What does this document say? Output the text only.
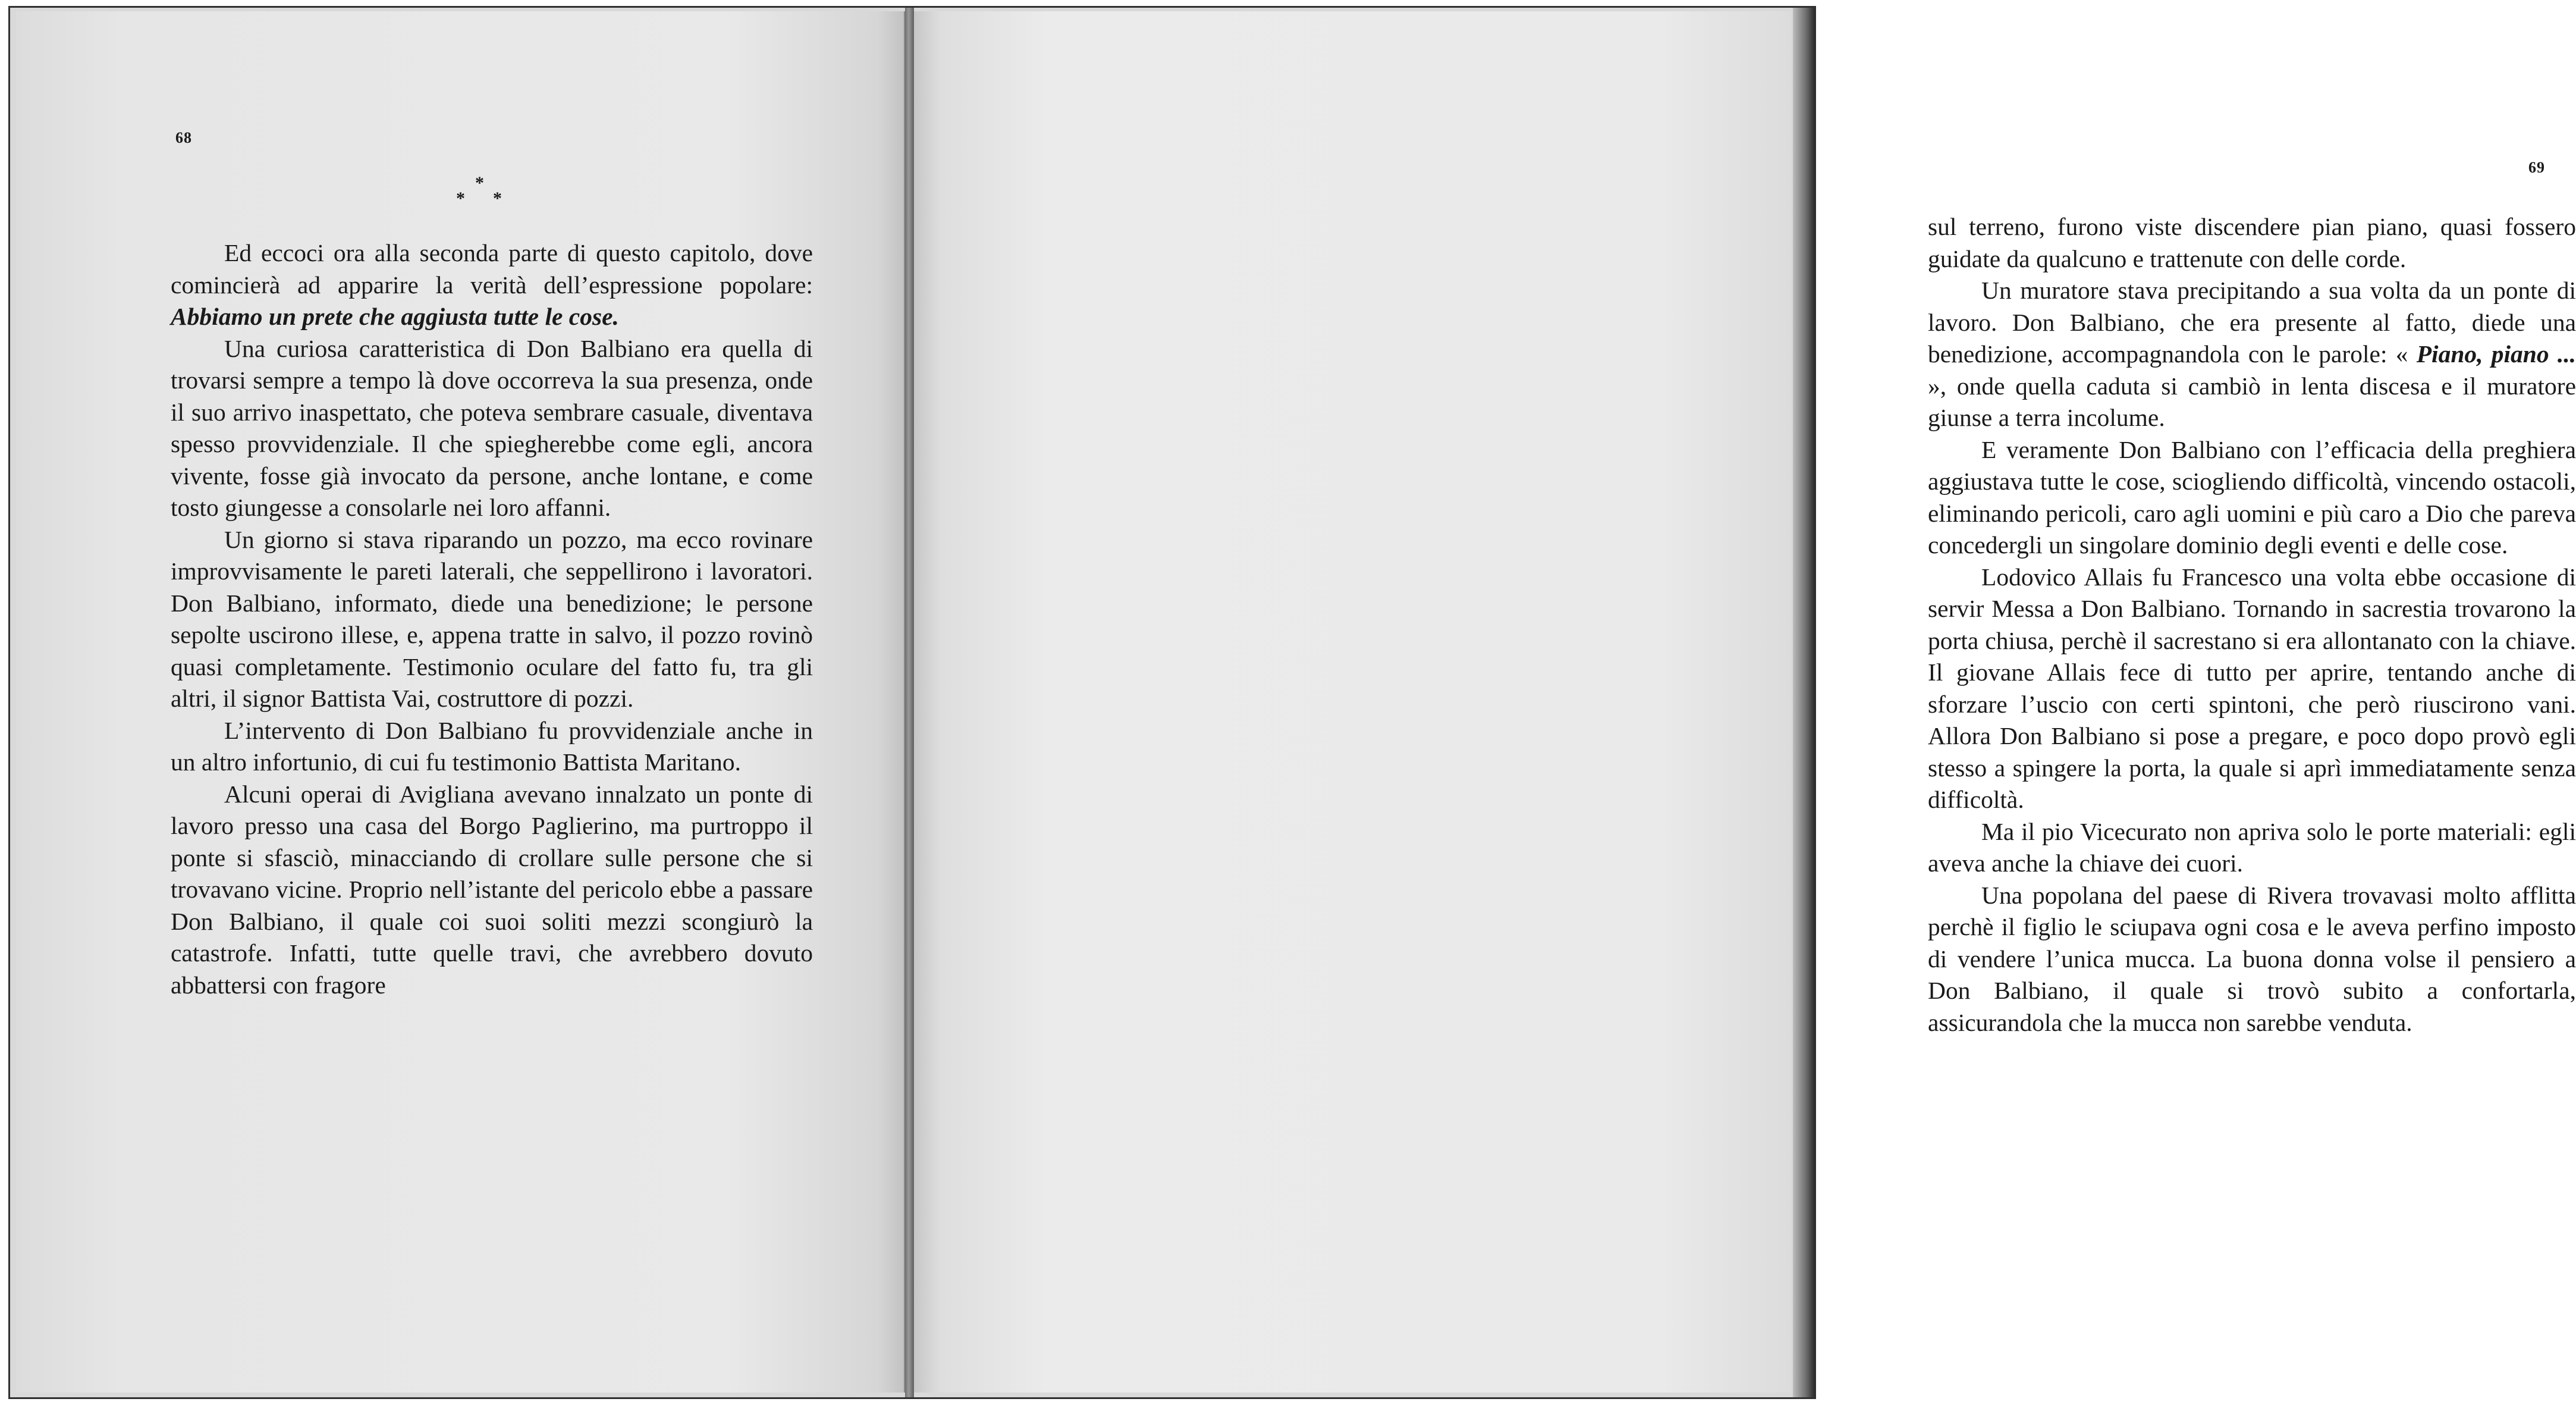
68
*
* *

Ed eccoci ora alla seconda parte di questo capitolo, dove comincierà ad apparire la verità dell’espressione popolare: Abbiamo un prete che aggiusta tutte le cose.

Una curiosa caratteristica di Don Balbiano era quella di trovarsi sempre a tempo là dove occorreva la sua presenza, onde il suo arrivo inaspettato, che poteva sembrare casuale, diventava spesso provvidenziale. Il che spiegherebbe come egli, ancora vivente, fosse già invocato da persone, anche lontane, e come tosto giungesse a consolarle nei loro affanni.

Un giorno si stava riparando un pozzo, ma ecco rovinare improvvisamente le pareti laterali, che seppellirono i lavoratori. Don Balbiano, informato, diede una benedizione; le persone sepolte uscirono illese, e, appena tratte in salvo, il pozzo rovinò quasi completamente. Testimonio oculare del fatto fu, tra gli altri, il signor Battista Vai, costruttore di pozzi.

L’intervento di Don Balbiano fu provvidenziale anche in un altro infortunio, di cui fu testimonio Battista Maritano.

Alcuni operai di Avigliana avevano innalzato un ponte di lavoro presso una casa del Borgo Paglierino, ma purtroppo il ponte si sfasciò, minacciando di crollare sulle persone che si trovavano vicine. Proprio nell’istante del pericolo ebbe a passare Don Balbiano, il quale coi suoi soliti mezzi scongiurò la catastrofe. Infatti, tutte quelle travi, che avrebbero dovuto abbattersi con fragore

69

sul terreno, furono viste discendere pian piano, quasi fossero guidate da qualcuno e trattenute con delle corde.

Un muratore stava precipitando a sua volta da un ponte di lavoro. Don Balbiano, che era presente al fatto, diede una benedizione, accompagnandola con le parole: « Piano, piano ... », onde quella caduta si cambiò in lenta discesa e il muratore giunse a terra incolume.

E veramente Don Balbiano con l’efficacia della preghiera aggiustava tutte le cose, sciogliendo difficoltà, vincendo ostacoli, eliminando pericoli, caro agli uomini e più caro a Dio che pareva concedergli un singolare dominio degli eventi e delle cose.

Lodovico Allais fu Francesco una volta ebbe occasione di servir Messa a Don Balbiano. Tornando in sacrestia trovarono la porta chiusa, perchè il sacrestano si era allontanato con la chiave. Il giovane Allais fece di tutto per aprire, tentando anche di sforzare l’uscio con certi spintoni, che però riuscirono vani. Allora Don Balbiano si pose a pregare, e poco dopo provò egli stesso a spingere la porta, la quale si aprì immediatamente senza difficoltà.

Ma il pio Vicecurato non apriva solo le porte materiali: egli aveva anche la chiave dei cuori.

Una popolana del paese di Rivera trovavasi molto afflitta perchè il figlio le sciupava ogni cosa e le aveva perfino imposto di vendere l’unica mucca. La buona donna volse il pensiero a Don Balbiano, il quale si trovò subito a confortarla, assicurandola che la mucca non sarebbe venduta.
